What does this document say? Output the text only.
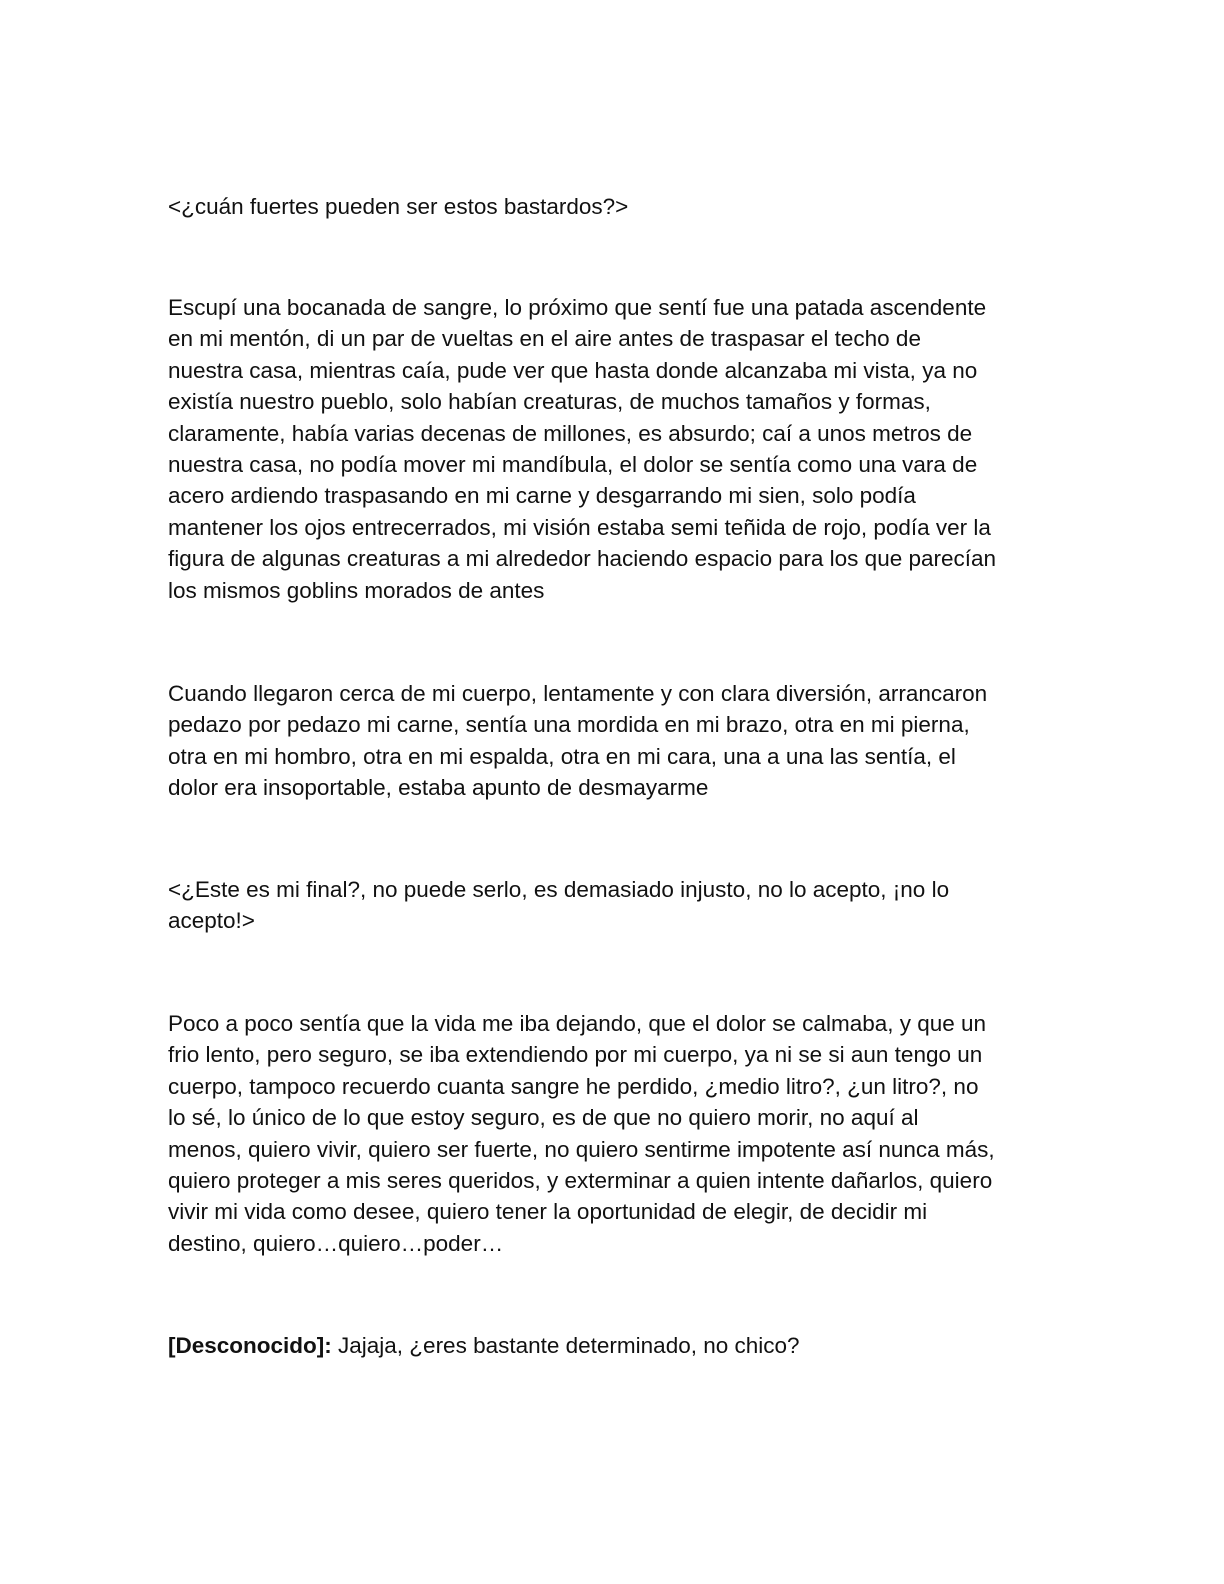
<¿cuán fuertes pueden ser estos bastardos?>

Escupí una bocanada de sangre, lo próximo que sentí fue una patada ascendente
en mi mentón, di un par de vueltas en el aire antes de traspasar el techo de
nuestra casa, mientras caía, pude ver que hasta donde alcanzaba mi vista, ya no
existía nuestro pueblo, solo habían creaturas, de muchos tamaños y formas,
claramente, había varias decenas de millones, es absurdo; caí a unos metros de
nuestra casa, no podía mover mi mandíbula, el dolor se sentía como una vara de
acero ardiendo traspasando en mi carne y desgarrando mi sien, solo podía
mantener los ojos entrecerrados, mi visión estaba semi teñida de rojo, podía ver la
figura de algunas creaturas a mi alrededor haciendo espacio para los que parecían
los mismos goblins morados de antes

Cuando llegaron cerca de mi cuerpo, lentamente y con clara diversión, arrancaron
pedazo por pedazo mi carne, sentía una mordida en mi brazo, otra en mi pierna,
otra en mi hombro, otra en mi espalda, otra en mi cara, una a una las sentía, el
dolor era insoportable, estaba apunto de desmayarme

<¿Este es mi final?, no puede serlo, es demasiado injusto, no lo acepto, ¡no lo
acepto!>

Poco a poco sentía que la vida me iba dejando, que el dolor se calmaba, y que un
frio lento, pero seguro, se iba extendiendo por mi cuerpo, ya ni se si aun tengo un
cuerpo, tampoco recuerdo cuanta sangre he perdido, ¿medio litro?, ¿un litro?, no
lo sé, lo único de lo que estoy seguro, es de que no quiero morir, no aquí al
menos, quiero vivir, quiero ser fuerte, no quiero sentirme impotente así nunca más,
quiero proteger a mis seres queridos, y exterminar a quien intente dañarlos, quiero
vivir mi vida como desee, quiero tener la oportunidad de elegir, de decidir mi
destino, quiero…quiero…poder…

[Desconocido]: Jajaja, ¿eres bastante determinado, no chico?
